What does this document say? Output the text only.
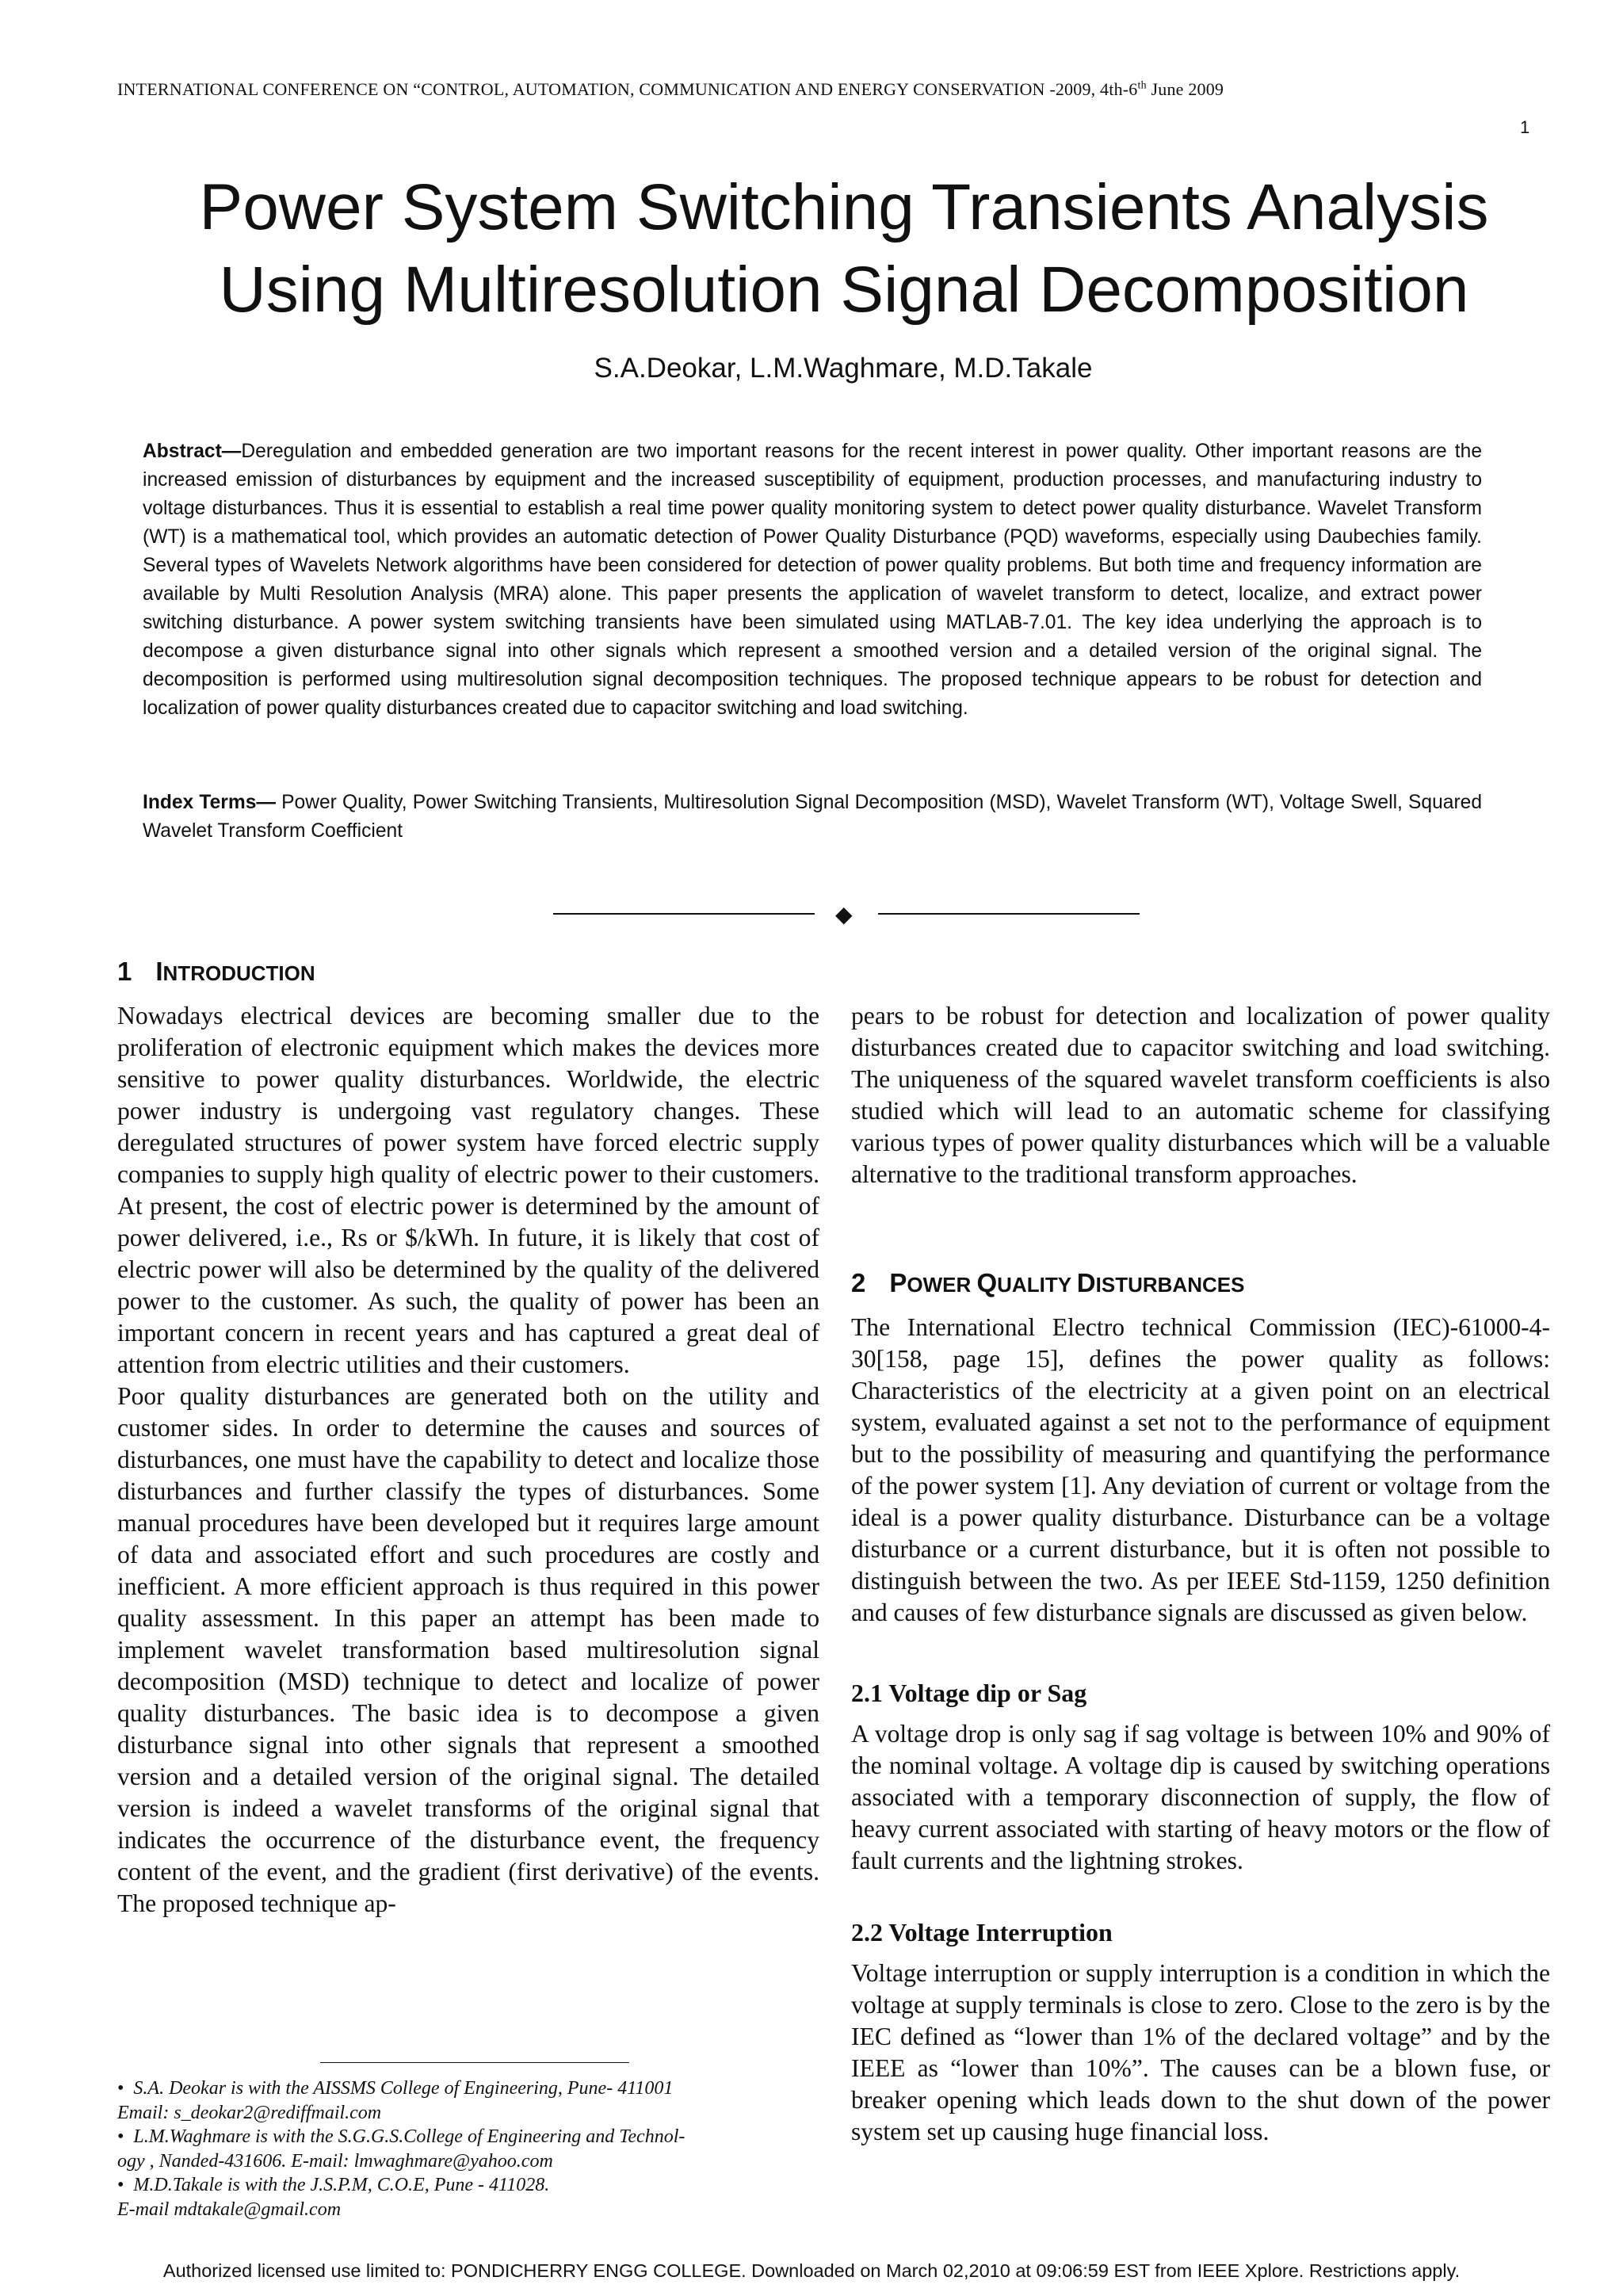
INTERNATIONAL CONFERENCE ON “CONTROL, AUTOMATION, COMMUNICATION AND ENERGY CONSERVATION -2009, 4th-6th June 2009
1
Power System Switching Transients Analysis
Using Multiresolution Signal Decomposition
S.A.Deokar, L.M.Waghmare, M.D.Takale
Abstract—Deregulation and embedded generation are two important reasons for the recent interest in power quality. Other important reasons are the increased emission of disturbances by equipment and the increased susceptibility of equipment, production processes, and manufacturing industry to voltage disturbances. Thus it is essential to establish a real time power quality monitoring system to detect power quality disturbance. Wavelet Transform (WT) is a mathematical tool, which provides an automatic detection of Power Quality Disturbance (PQD) waveforms, especially using Daubechies family. Several types of Wavelets Network algorithms have been considered for detection of power quality problems. But both time and frequency information are available by Multi Resolution Analysis (MRA) alone. This paper presents the application of wavelet transform to detect, localize, and extract power switching disturbance. A power system switching transients have been simulated using MATLAB-7.01. The key idea underlying the approach is to decompose a given disturbance signal into other signals which represent a smoothed version and a detailed version of the original signal. The decomposition is performed using multiresolution signal decomposition techniques. The proposed technique appears to be robust for detection and localization of power quality disturbances created due to capacitor switching and load switching.
Index Terms— Power Quality, Power Switching Transients, Multiresolution Signal Decomposition (MSD), Wavelet Transform (WT), Voltage Swell, Squared Wavelet Transform Coefficient
◆
1 INTRODUCTION

Nowadays electrical devices are becoming smaller due to the proliferation of electronic equipment which makes the devices more sensitive to power quality disturbances. Worldwide, the electric power industry is undergoing vast regulatory changes. These deregulated structures of power system have forced electric supply companies to supply high quality of electric power to their customers. At present, the cost of electric power is determined by the amount of power delivered, i.e., Rs or $/kWh. In future, it is likely that cost of electric power will also be determined by the quality of the delivered power to the customer. As such, the quality of power has been an important concern in recent years and has captured a great deal of attention from electric utilities and their customers.

Poor quality disturbances are generated both on the utility and customer sides. In order to determine the causes and sources of disturbances, one must have the capability to detect and localize those disturbances and further classify the types of disturbances. Some manual procedures have been developed but it requires large amount of data and associated effort and such procedures are costly and inefficient. A more efficient approach is thus required in this power quality assessment. In this paper an attempt has been made to implement wavelet transformation based multiresolution signal decomposition (MSD) technique to detect and localize of power quality disturbances. The basic idea is to decompose a given disturbance signal into other signals that represent a smoothed version and a detailed version of the original signal. The detailed version is indeed a wavelet transforms of the original signal that indicates the occurrence of the disturbance event, the frequency content of the event, and the gradient (first derivative) of the events. The proposed technique ap-

pears to be robust for detection and localization of power quality disturbances created due to capacitor switching and load switching. The uniqueness of the squared wavelet transform coefficients is also studied which will lead to an automatic scheme for classifying various types of power quality disturbances which will be a valuable alternative to the traditional transform approaches.
2 POWER QUALITY DISTURBANCES
The International Electro technical Commission (IEC)-61000-4-30[158, page 15], defines the power quality as follows: Characteristics of the electricity at a given point on an electrical system, evaluated against a set not to the performance of equipment but to the possibility of measuring and quantifying the performance of the power system [1]. Any deviation of current or voltage from the ideal is a power quality disturbance. Disturbance can be a voltage disturbance or a current disturbance, but it is often not possible to distinguish between the two. As per IEEE Std-1159, 1250 definition and causes of few disturbance signals are discussed as given below.
2.1 Voltage dip or Sag
A voltage drop is only sag if sag voltage is between 10% and 90% of the nominal voltage. A voltage dip is caused by switching operations associated with a temporary disconnection of supply, the flow of heavy current associated with starting of heavy motors or the flow of fault currents and the lightning strokes.
2.2 Voltage Interruption
Voltage interruption or supply interruption is a condition in which the voltage at supply terminals is close to zero. Close to the zero is by the IEC defined as “lower than 1% of the declared voltage” and by the IEEE as “lower than 10%”. The causes can be a blown fuse, or breaker opening which leads down to the shut down of the power system set up causing huge financial loss.
• S.A. Deokar is with the AISSMS College of Engineering, Pune- 411001
Email: s_deokar2@rediffmail.com
• L.M.Waghmare is with the S.G.G.S.College of Engineering and Technol-
ogy , Nanded-431606. E-mail: lmwaghmare@yahoo.com
• M.D.Takale is with the J.S.P.M, C.O.E, Pune - 411028.
E-mail mdtakale@gmail.com
Authorized licensed use limited to: PONDICHERRY ENGG COLLEGE. Downloaded on March 02,2010 at 09:06:59 EST from IEEE Xplore. Restrictions apply.
